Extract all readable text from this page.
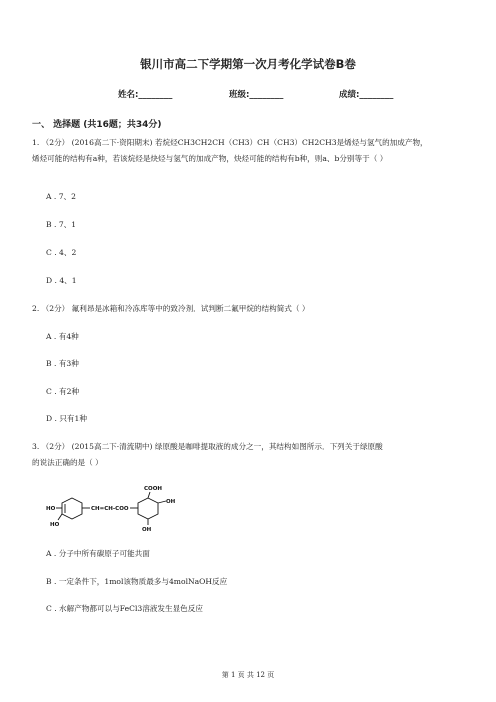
银川市高二下学期第一次月考化学试卷B卷
姓名:________	班级:________	成绩:________
一、 选择题 (共16题；共34分)
1. （2分） (2016高二下·资阳期末) 若烷烃CH3CH2CH（CH3）CH（CH3）CH2CH3是烯烃与氢气的加成产物，
烯烃可能的结构有a种，若该烷烃是炔烃与氢气的加成产物，炔烃可能的结构有b种，则a、b分别等于（ ）
A . 7、2
B . 7、1
C . 4、2
D . 4、1
2. （2分） 氟利昂是冰箱和冷冻库等中的致冷剂．试判断二氟甲烷的结构简式（ ）
A . 有4种
B . 有3种
C . 有2种
D . 只有1种
3. （2分） (2015高二下·清流期中) 绿原酸是咖啡提取液的成分之一，其结构如图所示．下列关于绿原酸
的说法正确的是（ ）
HO
HO
CH=CH-COO
COOH
OH
OH
A . 分子中所有碳原子可能共面
B . 一定条件下，1mol该物质最多与4molNaOH反应
C . 水解产物都可以与FeCl3溶液发生显色反应
第 1 页 共 12 页
